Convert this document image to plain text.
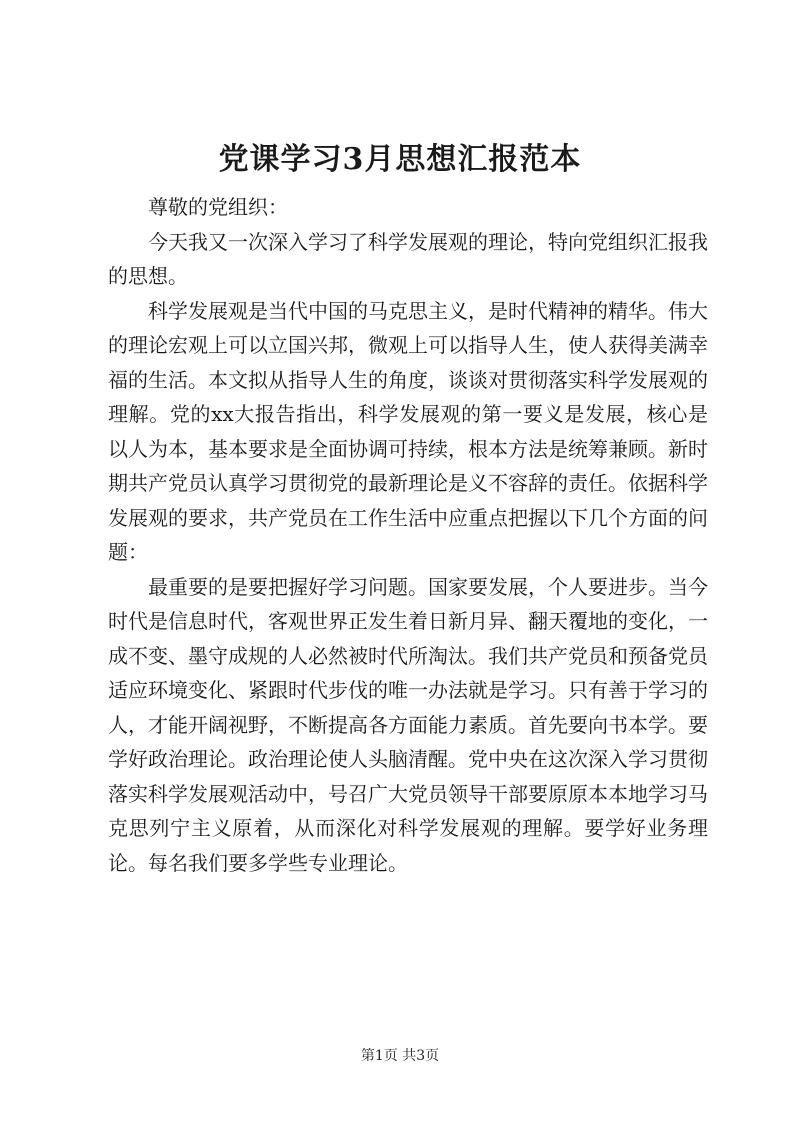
党课学习3月思想汇报范本

尊敬的党组织：

今天我又一次深入学习了科学发展观的理论，特向党组织汇报我的思想。

科学发展观是当代中国的马克思主义，是时代精神的精华。伟大的理论宏观上可以立国兴邦，微观上可以指导人生，使人获得美满幸福的生活。本文拟从指导人生的角度，谈谈对贯彻落实科学发展观的理解。党的xx大报告指出，科学发展观的第一要义是发展，核心是以人为本，基本要求是全面协调可持续，根本方法是统筹兼顾。新时期共产党员认真学习贯彻党的最新理论是义不容辞的责任。依据科学发展观的要求，共产党员在工作生活中应重点把握以下几个方面的问题：

最重要的是要把握好学习问题。国家要发展，个人要进步。当今时代是信息时代，客观世界正发生着日新月异、翻天覆地的变化，一成不变、墨守成规的人必然被时代所淘汰。我们共产党员和预备党员适应环境变化、紧跟时代步伐的唯一办法就是学习。只有善于学习的人，才能开阔视野，不断提高各方面能力素质。首先要向书本学。要学好政治理论。政治理论使人头脑清醒。党中央在这次深入学习贯彻落实科学发展观活动中，号召广大党员领导干部要原原本本地学习马克思列宁主义原着，从而深化对科学发展观的理解。要学好业务理论。每名我们要多学些专业理论。

第1页 共3页
